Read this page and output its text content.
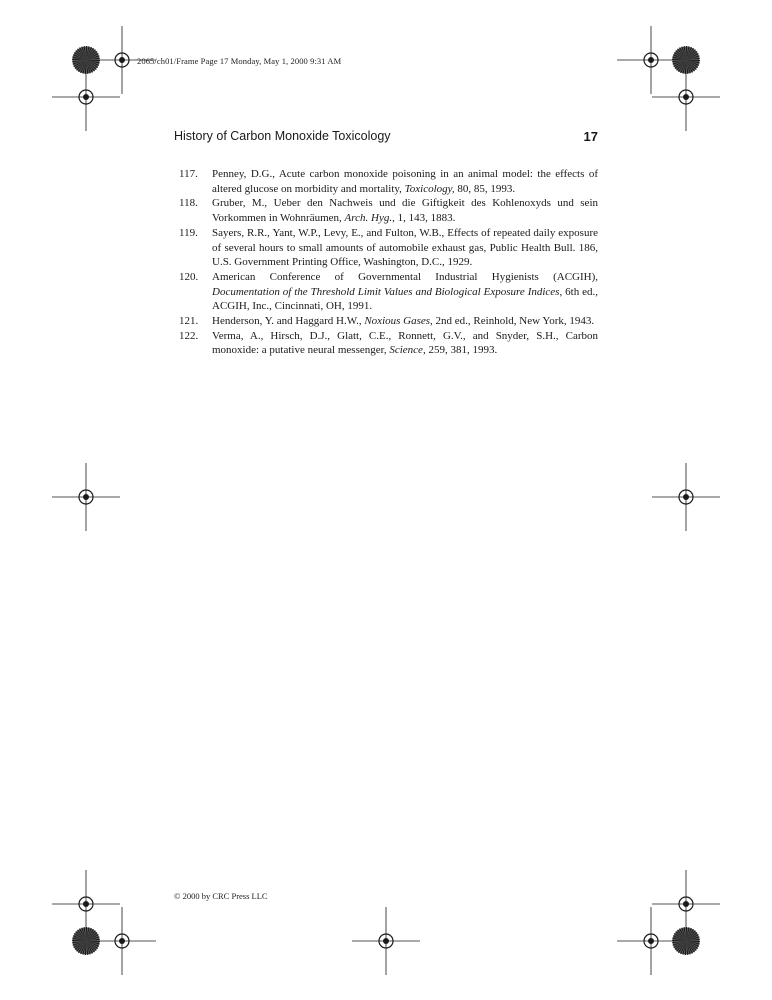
2065/ch01/Frame Page 17 Monday, May 1, 2000 9:31 AM
History of Carbon Monoxide Toxicology	17
117. Penney, D.G., Acute carbon monoxide poisoning in an animal model: the effects of altered glucose on morbidity and mortality, Toxicology, 80, 85, 1993.
118. Gruber, M., Ueber den Nachweis und die Giftigkeit des Kohlenoxyds und sein Vorkommen in Wohnräumen, Arch. Hyg., 1, 143, 1883.
119. Sayers, R.R., Yant, W.P., Levy, E., and Fulton, W.B., Effects of repeated daily exposure of several hours to small amounts of automobile exhaust gas, Public Health Bull. 186, U.S. Government Printing Office, Washington, D.C., 1929.
120. American Conference of Governmental Industrial Hygienists (ACGIH), Documentation of the Threshold Limit Values and Biological Exposure Indices, 6th ed., ACGIH, Inc., Cincinnati, OH, 1991.
121. Henderson, Y. and Haggard H.W., Noxious Gases, 2nd ed., Reinhold, New York, 1943.
122. Verma, A., Hirsch, D.J., Glatt, C.E., Ronnett, G.V., and Snyder, S.H., Carbon monoxide: a putative neural messenger, Science, 259, 381, 1993.
© 2000 by CRC Press LLC
